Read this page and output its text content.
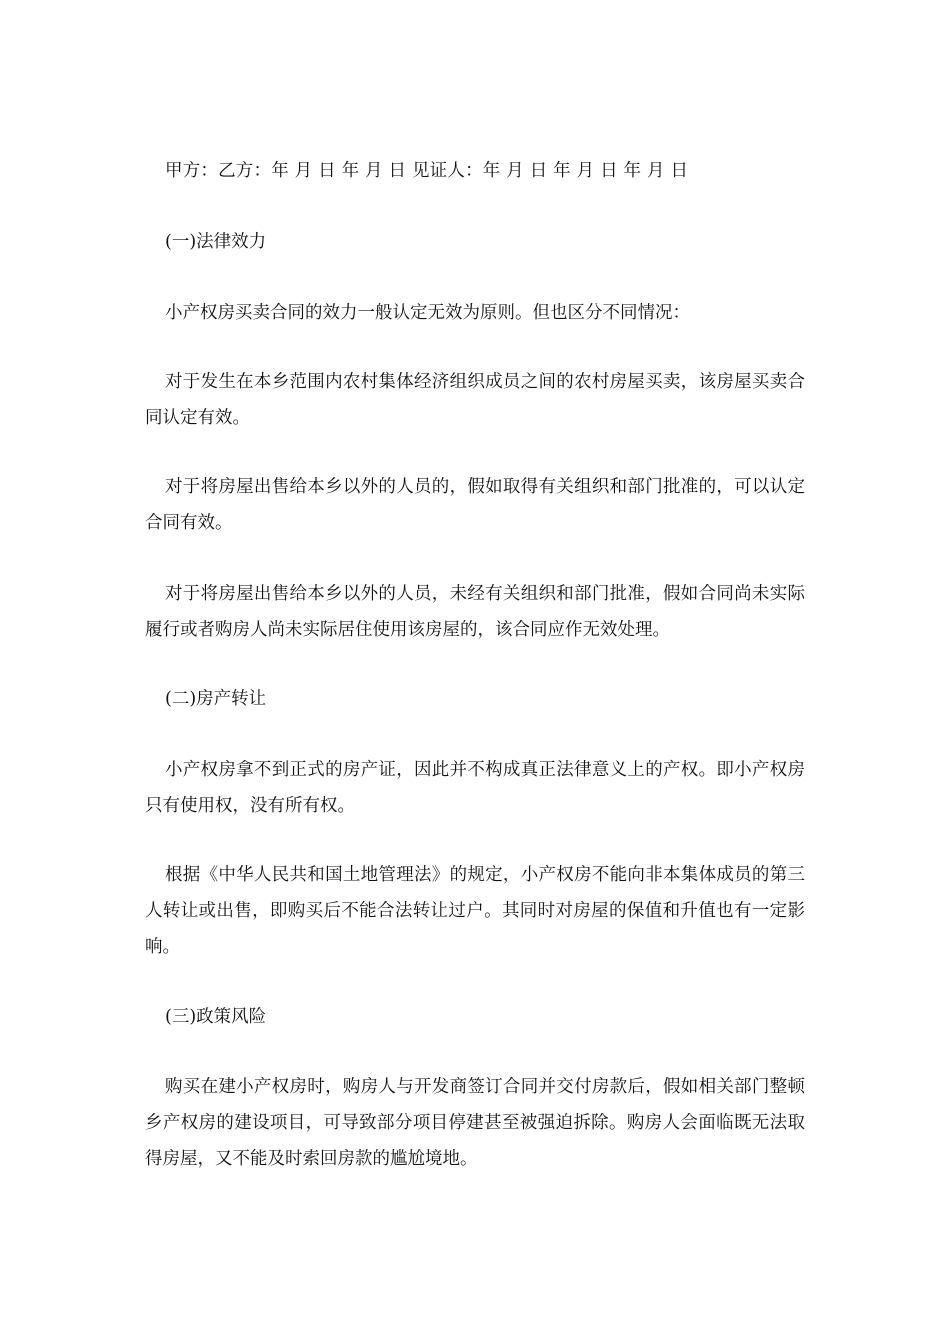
甲方：乙方：年 月 日 年 月 日 见证人：年 月 日 年 月 日 年 月 日

(一)法律效力

小产权房买卖合同的效力一般认定无效为原则。但也区分不同情况：

对于发生在本乡范围内农村集体经济组织成员之间的农村房屋买卖，该房屋买卖合同认定有效。

对于将房屋出售给本乡以外的人员的，假如取得有关组织和部门批准的，可以认定合同有效。

对于将房屋出售给本乡以外的人员，未经有关组织和部门批准，假如合同尚未实际履行或者购房人尚未实际居住使用该房屋的，该合同应作无效处理。

(二)房产转让

小产权房拿不到正式的房产证，因此并不构成真正法律意义上的产权。即小产权房只有使用权，没有所有权。

根据《中华人民共和国土地管理法》的规定，小产权房不能向非本集体成员的第三人转让或出售，即购买后不能合法转让过户。其同时对房屋的保值和升值也有一定影响。

(三)政策风险

购买在建小产权房时，购房人与开发商签订合同并交付房款后，假如相关部门整顿乡产权房的建设项目，可导致部分项目停建甚至被强迫拆除。购房人会面临既无法取得房屋，又不能及时索回房款的尴尬境地。
